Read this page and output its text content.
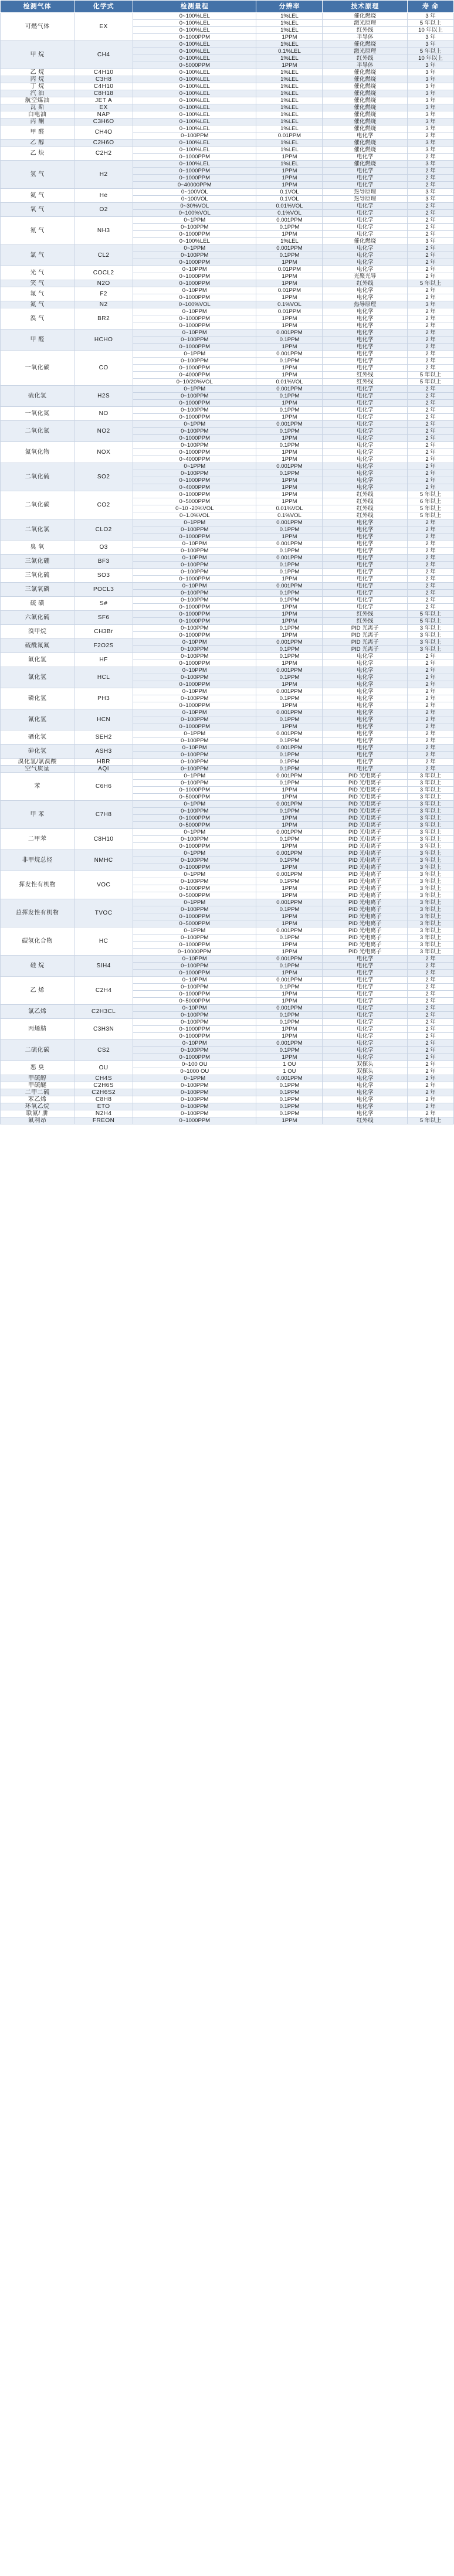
检测气体	化学式	检测量程	分辨率	技术原理	寿 命
可燃气体	EX	0~100%LEL	1%LEL	催化燃烧	3 年
		0~100%LEL	1%LEL	激光原理	5 年以上
		0~100%LEL	1%LEL	红外线	10 年以上
		0~1000PPM	1PPM	半导体	3 年
甲 烷	CH4	0~100%LEL	1%LEL	催化燃烧	3 年
		0~100%LEL	0.1%LEL	激光原理	5 年以上
		0~100%LEL	1%LEL	红外线	10 年以上
		0~5000PPM	1PPM	半导体	3 年
乙 烷	C4H10	0~100%LEL	1%LEL	催化燃烧	3 年
丙 烷	C3H8	0~100%LEL	1%LEL	催化燃烧	3 年
丁 烷	C4H10	0~100%LEL	1%LEL	催化燃烧	3 年
汽 油	C8H18	0~100%LEL	1%LEL	催化燃烧	3 年
航空煤油	JET A	0~100%LEL	1%LEL	催化燃烧	3 年
瓦 斯	EX	0~100%LEL	1%LEL	催化燃烧	3 年
白电油	NAP	0~100%LEL	1%LEL	催化燃烧	3 年
丙 酮	C3H6O	0~100%LEL	1%LEL	催化燃烧	3 年
甲 醛	CH4O	0~100%LEL	1%LEL	催化燃烧	3 年
		0~100PPM	0.01PPM	电化学	2 年
乙 醇	C2H6O	0~100%LEL	1%LEL	催化燃烧	3 年
乙 炔	C2H2	0~100%LEL	1%LEL	催化燃烧	3 年
		0~1000PPM	1PPM	电化学	2 年
氢 气	H2	0~100%LEL	1%LEL	催化燃烧	3 年
		0~1000PPM	1PPM	电化学	2 年
		0~1000PPM	1PPM	电化学	2 年
		0~40000PPM	1PPM	电化学	2 年
氦 气	He	0~100VOL	0.1VOL	热导原理	3 年
		0~100VOL	0.1VOL	热导原理	3 年
氧 气	O2	0~30%VOL	0.01%VOL	电化学	2 年
		0~100%VOL	0.1%VOL	电化学	2 年
氨 气	NH3	0~1PPM	0.001PPM	电化学	2 年
		0~100PPM	0.1PPM	电化学	2 年
		0~1000PPM	1PPM	电化学	2 年
		0~100%LEL	1%LEL	催化燃烧	3 年
氯 气	CL2	0~1PPM	0.001PPM	电化学	2 年
		0~100PPM	0.1PPM	电化学	2 年
		0~1000PPM	1PPM	电化学	2 年
光 气	COCL2	0~10PPM	0.01PPM	电化学	2 年
		0~1000PPM	1PPM	光聚光导	2 年
笑 气	N2O	0~1000PPM	1PPM	红外线	5 年以上
氟 气	F2	0~10PPM	0.01PPM	电化学	2 年
		0~1000PPM	1PPM	电化学	2 年
氮 气	N2	0~100%VOL	0.1%VOL	热导原理	3 年
溴 气	BR2	0~10PPM	0.01PPM	电化学	2 年
		0~1000PPM	1PPM	电化学	2 年
		0~1000PPM	1PPM	电化学	2 年
甲 醛	HCHO	0~10PPM	0.001PPM	电化学	2 年
		0~100PPM	0.1PPM	电化学	2 年
		0~1000PPM	1PPM	电化学	2 年
一氧化碳	CO	0~1PPM	0.001PPM	电化学	2 年
		0~100PPM	0.1PPM	电化学	2 年
		0~1000PPM	1PPM	电化学	2 年
		0~4000PPM	1PPM	红外线	5 年以上
		0~10/20%VOL	0.01%VOL	红外线	5 年以上
硫化氢	H2S	0~1PPM	0.001PPM	电化学	2 年
		0~100PPM	0.1PPM	电化学	2 年
		0~1000PPM	1PPM	电化学	2 年
一氧化氮	NO	0~100PPM	0.1PPM	电化学	2 年
		0~1000PPM	1PPM	电化学	2 年
二氧化氮	NO2	0~1PPM	0.001PPM	电化学	2 年
		0~100PPM	0.1PPM	电化学	2 年
		0~1000PPM	1PPM	电化学	2 年
氮氧化物	NOX	0~100PPM	0.1PPM	电化学	2 年
		0~1000PPM	1PPM	电化学	2 年
		0~4000PPM	1PPM	电化学	2 年
二氧化硫	SO2	0~1PPM	0.001PPM	电化学	2 年
		0~100PPM	0.1PPM	电化学	2 年
		0~1000PPM	1PPM	电化学	2 年
		0~4000PPM	1PPM	电化学	2 年
二氧化碳	CO2	0~1000PPM	1PPM	红外线	5 年以上
		0~5000PPM	1PPM	红外线	6 年以上
		0~10 -20%VOL	0.01%VOL	红外线	5 年以上
		0~1.0%VOL	0.1%VOL	红外线	5 年以上
二氧化氯	CLO2	0~1PPM	0.001PPM	电化学	2 年
		0~100PPM	0.1PPM	电化学	2 年
		0~1000PPM	1PPM	电化学	2 年
臭 氧	O3	0~10PPM	0.001PPM	电化学	2 年
		0~100PPM	0.1PPM	电化学	2 年
三氟化硼	BF3	0~10PPM	0.001PPM	电化学	2 年
		0~100PPM	0.1PPM	电化学	2 年
三氧化硫	SO3	0~100PPM	0.1PPM	电化学	2 年
		0~1000PPM	1PPM	电化学	2 年
三氯氧磷	POCL3	0~10PPM	0.001PPM	电化学	2 年
		0~100PPM	0.1PPM	电化学	2 年
硫 磺	S#	0~100PPM	0.1PPM	电化学	2 年
		0~1000PPM	1PPM	电化学	2 年
六氟化硫	SF6	0~1000PPM	1PPM	红外线	5 年以上
		0~1000PPM	1PPM	红外线	5 年以上
溴甲烷	CH3Br	0~100PPM	0.1PPM	PID 光离子	3 年以上
		0~1000PPM	1PPM	PID 光离子	3 年以上
硫酰氟氟	F2O2S	0~10PPM	0.001PPM	PID 光离子	3 年以上
		0~100PPM	0.1PPM	PID 光离子	3 年以上
氟化氢	HF	0~100PPM	0.1PPM	电化学	2 年
		0~1000PPM	1PPM	电化学	2 年
氯化氢	HCL	0~10PPM	0.001PPM	电化学	2 年
		0~100PPM	0.1PPM	电化学	2 年
		0~1000PPM	1PPM	电化学	2 年
磷化氢	PH3	0~10PPM	0.001PPM	电化学	2 年
		0~100PPM	0.1PPM	电化学	2 年
		0~1000PPM	1PPM	电化学	2 年
氰化氢	HCN	0~10PPM	0.001PPM	电化学	2 年
		0~100PPM	0.1PPM	电化学	2 年
		0~1000PPM	1PPM	电化学	2 年
硒化氢	SEH2	0~1PPM	0.001PPM	电化学	2 年
		0~100PPM	0.1PPM	电化学	2 年
砷化氢	ASH3	0~10PPM	0.001PPM	电化学	2 年
		0~100PPM	0.1PPM	电化学	2 年
溴化氢/氯溴酸	HBR	0~100PPM	0.1PPM	电化学	2 年
空气质量	AQI	0~100PPM	0.1PPM	电化学	2 年
苯	C6H6	0~1PPM	0.001PPM	PID 光电离子	3 年以上
		0~100PPM	0.1PPM	PID 光电离子	3 年以上
		0~1000PPM	1PPM	PID 光电离子	3 年以上
		0~5000PPM	1PPM	PID 光电离子	3 年以上
甲 苯	C7H8	0~1PPM	0.001PPM	PID 光电离子	3 年以上
		0~100PPM	0.1PPM	PID 光电离子	3 年以上
		0~1000PPM	1PPM	PID 光电离子	3 年以上
		0~5000PPM	1PPM	PID 光电离子	3 年以上
二甲苯	C8H10	0~1PPM	0.001PPM	PID 光电离子	3 年以上
		0~100PPM	0.1PPM	PID 光电离子	3 年以上
		0~1000PPM	1PPM	PID 光电离子	3 年以上
非甲烷总烃	NMHC	0~1PPM	0.001PPM	PID 光电离子	3 年以上
		0~100PPM	0.1PPM	PID 光电离子	3 年以上
		0~1000PPM	1PPM	PID 光电离子	3 年以上
挥发性有机物	VOC	0~1PPM	0.001PPM	PID 光电离子	3 年以上
		0~100PPM	0.1PPM	PID 光电离子	3 年以上
		0~1000PPM	1PPM	PID 光电离子	3 年以上
		0~5000PPM	1PPM	PID 光电离子	3 年以上
总挥发性有机物	TVOC	0~1PPM	0.001PPM	PID 光电离子	3 年以上
		0~100PPM	0.1PPM	PID 光电离子	3 年以上
		0~1000PPM	1PPM	PID 光电离子	3 年以上
		0~5000PPM	1PPM	PID 光电离子	3 年以上
碳氢化合物	HC	0~1PPM	0.001PPM	PID 光电离子	3 年以上
		0~100PPM	0.1PPM	PID 光电离子	3 年以上
		0~1000PPM	1PPM	PID 光电离子	3 年以上
		0~10000PPM	1PPM	PID 光电离子	3 年以上
硅 烷	SIH4	0~10PPM	0.001PPM	电化学	2 年
		0~100PPM	0.1PPM	电化学	2 年
		0~1000PPM	1PPM	电化学	2 年
乙 烯	C2H4	0~10PPM	0.001PPM	电化学	2 年
		0~100PPM	0.1PPM	电化学	2 年
		0~1000PPM	1PPM	电化学	2 年
		0~5000PPM	1PPM	电化学	2 年
氯乙烯	C2H3CL	0~10PPM	0.001PPM	电化学	2 年
		0~100PPM	0.1PPM	电化学	2 年
丙烯腈	C3H3N	0~100PPM	0.1PPM	电化学	2 年
		0~1000PPM	1PPM	电化学	2 年
		0~1000PPM	1PPM	电化学	2 年
二硫化碳	CS2	0~10PPM	0.001PPM	电化学	2 年
		0~100PPM	0.1PPM	电化学	2 年
		0~1000PPM	1PPM	电化学	2 年
恶 臭	OU	0~100 OU	1 OU	双探头	2 年
		0~1000 OU	1 OU	双探头	2 年
甲硫醇	CH4S	0~1PPM	0.001PPM	电化学	2 年
甲硫醚	C2H6S	0~100PPM	0.1PPM	电化学	2 年
二甲二硫	C2H6S2	0~100PPM	0.1PPM	电化学	2 年
苯乙烯	C8H8	0~100PPM	0.1PPM	电化学	2 年
环氧乙烷	ETO	0~100PPM	0.1PPM	电化学	2 年
联氨/ 肼	N2H4	0~100PPM	0.1PPM	电化学	2 年
氟利昂	FREON	0~1000PPM	1PPM	红外线	5 年以上
